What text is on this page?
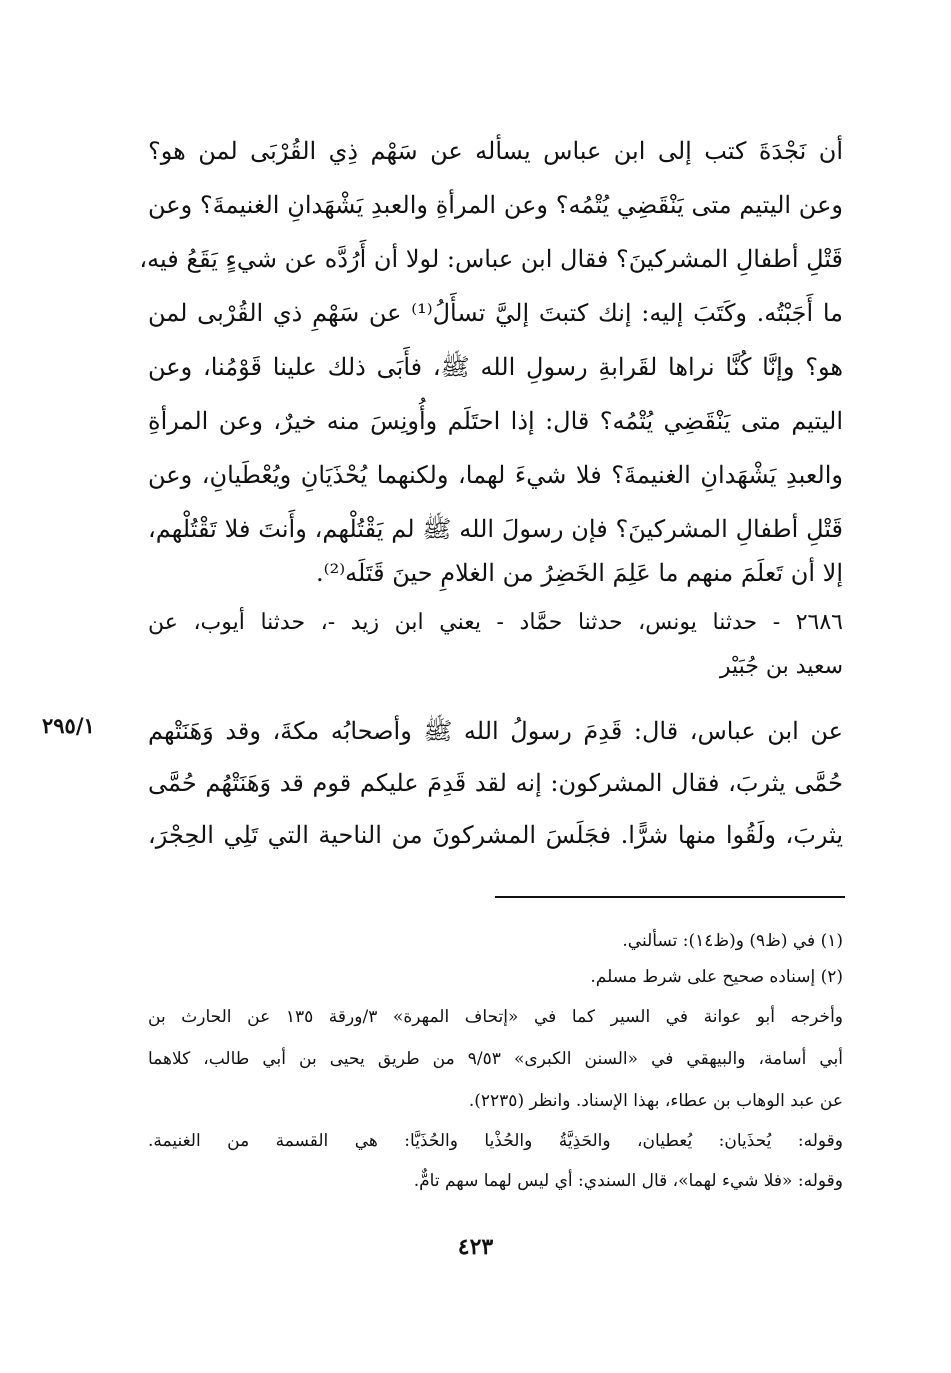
أن نَجْدَةَ كتب إلى ابن عباس يسأله عن سَهْم ذِي القُرْبَى لمن هو؟
وعن اليتيم متى يَنْقَضِي يُتْمُه؟ وعن المرأةِ والعبدِ يَشْهَدانِ الغنيمةَ؟ وعن
قَتْلِ أطفالِ المشركينَ؟ فقال ابن عباس: لولا أن أَرُدَّه عن شيءٍ يَقَعُ فيه،
ما أَجَبْتُه. وكَتَبَ إليه: إنك كتبتَ إليَّ تسأَلُ⁽¹⁾ عن سَهْمِ ذي القُرْبى لمن
هو؟ وإنَّا كُنَّا نراها لقَرابةِ رسولِ الله ﷺ، فأَبَى ذلك علينا قَوْمُنا، وعن
اليتيم متى يَنْقَضِي يُتْمُه؟ قال: إذا احتَلَم وأُونِسَ منه خيرٌ، وعن المرأةِ
والعبدِ يَشْهَدانِ الغنيمةَ؟ فلا شيءَ لهما، ولكنهما يُحْذَيَانِ ويُعْطَيانِ، وعن
قَتْلِ أطفالِ المشركينَ؟ فإن رسولَ الله ﷺ لم يَقْتُلْهم، وأَنتَ فلا تَقْتُلْهم،
إلا أن تَعلَمَ منهم ما عَلِمَ الخَضِرُ من الغلامِ حينَ قَتَلَه⁽²⁾.
٢٦٨٦ - حدثنا يونس، حدثنا حمَّاد - يعني ابن زيد -، حدثنا أيوب، عن
سعيد بن جُبَيْر
٢٩٥/١	عن ابن عباس، قال: قَدِمَ رسولُ الله ﷺ وأصحابُه مكةَ، وقد وَهَنَتْهم
حُمَّى يثربَ، فقال المشركون: إنه لقد قَدِمَ عليكم قوم قد وَهَنَتْهُم حُمَّى
يثربَ، ولَقُوا منها شرًّا. فجَلَسَ المشركونَ من الناحية التي تَلِي الحِجْرَ،
(١) في (ظ٩) و(ظ١٤): تسألني.
(٢) إسناده صحيح على شرط مسلم.
وأخرجه أبو عوانة في السير كما في «إتحاف المهرة» ٣/ورقة ١٣٥ عن الحارث بن
أبي أسامة، والبيهقي في «السنن الكبرى» ٩/٥٣ من طريق يحيى بن أبي طالب، كلاهما
عن عبد الوهاب بن عطاء، بهذا الإسناد. وانظر (٢٢٣٥).
وقوله: يُحذَيان: يُعطيان، والحَذِيَّةُ والحُذْيا والحُذَيَّا: هي القسمة من الغنيمة.
وقوله: «فلا شيء لهما»، قال السندي: أي ليس لهما سهم تامٌّ.
٤٢٣
